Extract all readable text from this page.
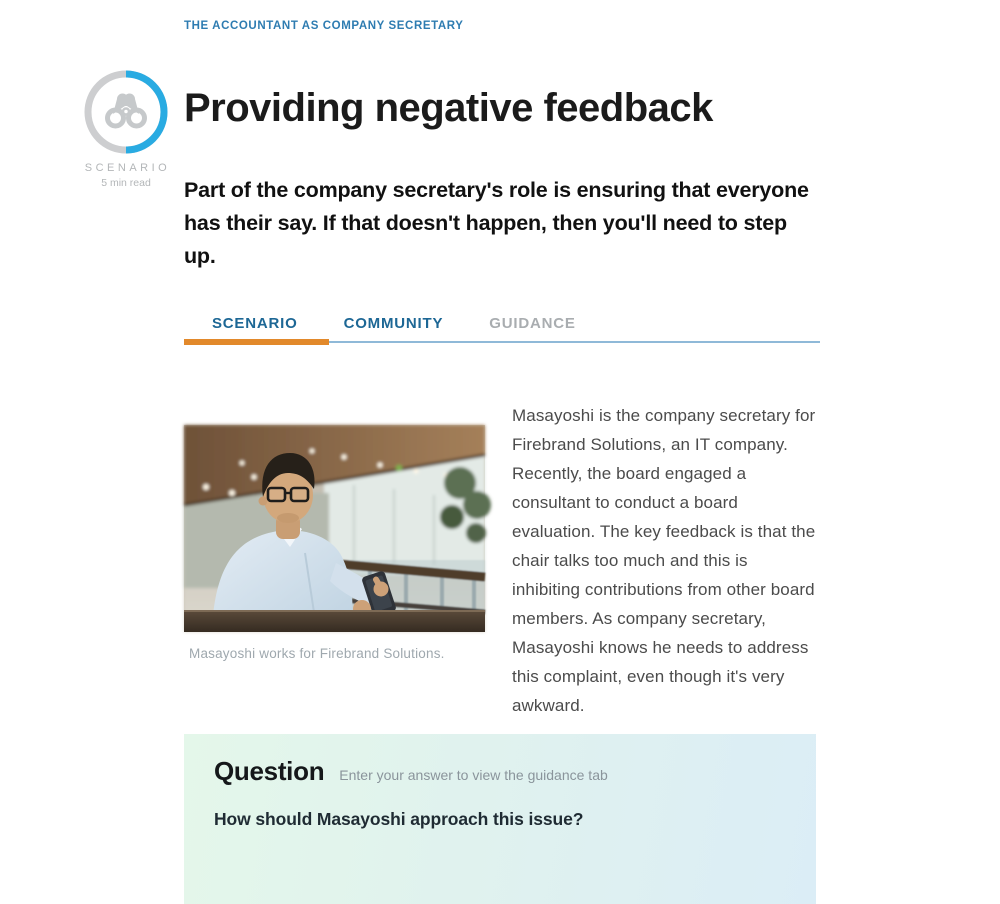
THE ACCOUNTANT AS COMPANY SECRETARY
SCENARIO
5 min read
Providing negative feedback
Part of the company secretary's role is ensuring that everyone has their say. If that doesn't happen, then you'll need to step up.
SCENARIO	COMMUNITY	GUIDANCE
Masayoshi works for Firebrand Solutions.
Masayoshi is the company secretary for Firebrand Solutions, an IT company. Recently, the board engaged a consultant to conduct a board evaluation. The key feedback is that the chair talks too much and this is inhibiting contributions from other board members. As company secretary, Masayoshi knows he needs to address this complaint, even though it's very awkward.
Question Enter your answer to view the guidance tab
How should Masayoshi approach this issue?
